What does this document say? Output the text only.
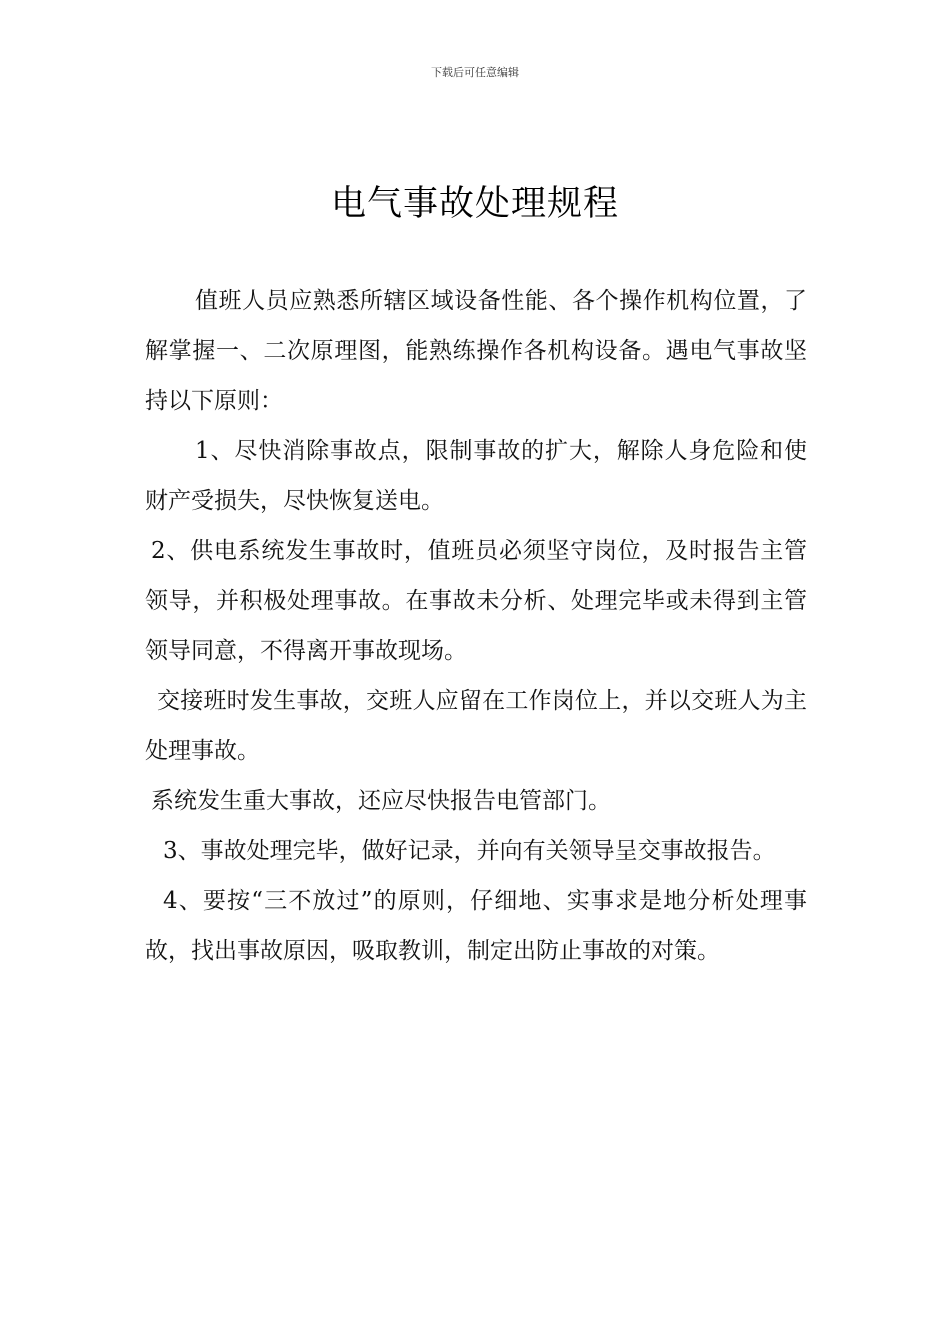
下载后可任意编辑
电气事故处理规程

值班人员应熟悉所辖区域设备性能、各个操作机构位置，了解掌握一、二次原理图，能熟练操作各机构设备。遇电气事故坚持以下原则：

1、尽快消除事故点，限制事故的扩大，解除人身危险和使财产受损失，尽快恢复送电。

2、供电系统发生事故时，值班员必须坚守岗位，及时报告主管领导，并积极处理事故。在事故未分析、处理完毕或未得到主管领导同意，不得离开事故现场。

交接班时发生事故，交班人应留在工作岗位上，并以交班人为主处理事故。

系统发生重大事故，还应尽快报告电管部门。

3、事故处理完毕，做好记录，并向有关领导呈交事故报告。

4、要按“三不放过”的原则，仔细地、实事求是地分析处理事故，找出事故原因，吸取教训，制定出防止事故的对策。
